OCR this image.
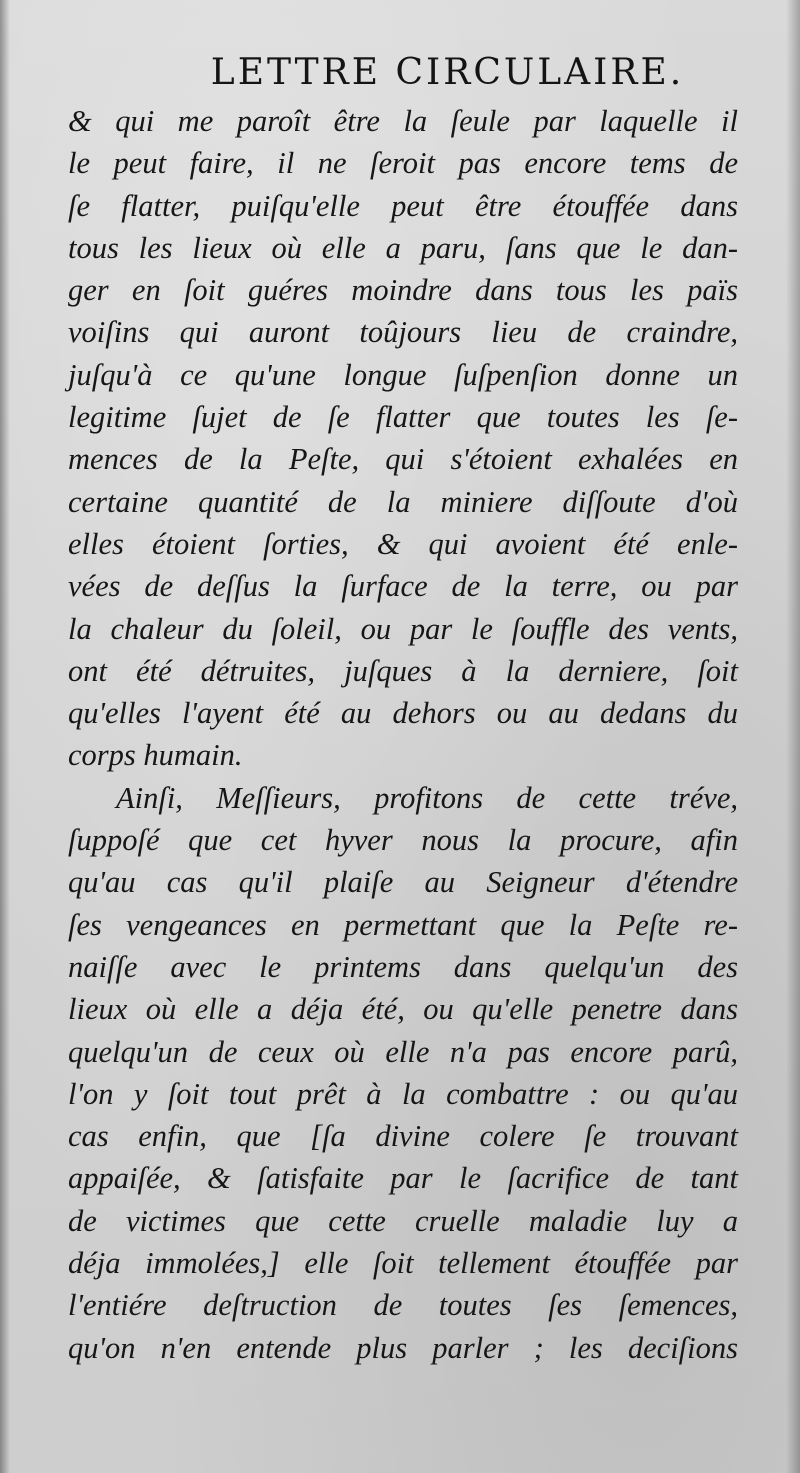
LETTRE CIRCULAIRE.
& qui me paroît être la ſeule par laquelle il
le peut faire, il ne ſeroit pas encore tems de
ſe flatter, puiſqu'elle peut être étouffée dans
tous les lieux où elle a paru, ſans que le dan-
ger en ſoit guéres moindre dans tous les païs
voiſins qui auront toûjours lieu de craindre,
juſqu'à ce qu'une longue ſuſpenſion donne un
legitime ſujet de ſe flatter que toutes les ſe-
mences de la Peſte, qui s'étoient exhalées en
certaine quantité de la miniere diſſoute d'où
elles étoient ſorties, & qui avoient été enle-
vées de deſſus la ſurface de la terre, ou par
la chaleur du ſoleil, ou par le ſouffle des vents,
ont été détruites, juſques à la derniere, ſoit
qu'elles l'ayent été au dehors ou au dedans du
corps humain.
Ainſi, Meſſieurs, profitons de cette tréve,
ſuppoſé que cet hyver nous la procure, afin
qu'au cas qu'il plaiſe au Seigneur d'étendre
ſes vengeances en permettant que la Peſte re-
naiſſe avec le printems dans quelqu'un des
lieux où elle a déja été, ou qu'elle penetre dans
quelqu'un de ceux où elle n'a pas encore parû,
l'on y ſoit tout prêt à la combattre : ou qu'au
cas enfin, que [ſa divine colere ſe trouvant
appaiſée, & ſatisfaite par le ſacrifice de tant
de victimes que cette cruelle maladie luy a
déja immolées,] elle ſoit tellement étouffée par
l'entiére deſtruction de toutes ſes ſemences,
qu'on n'en entende plus parler ; les deciſions
